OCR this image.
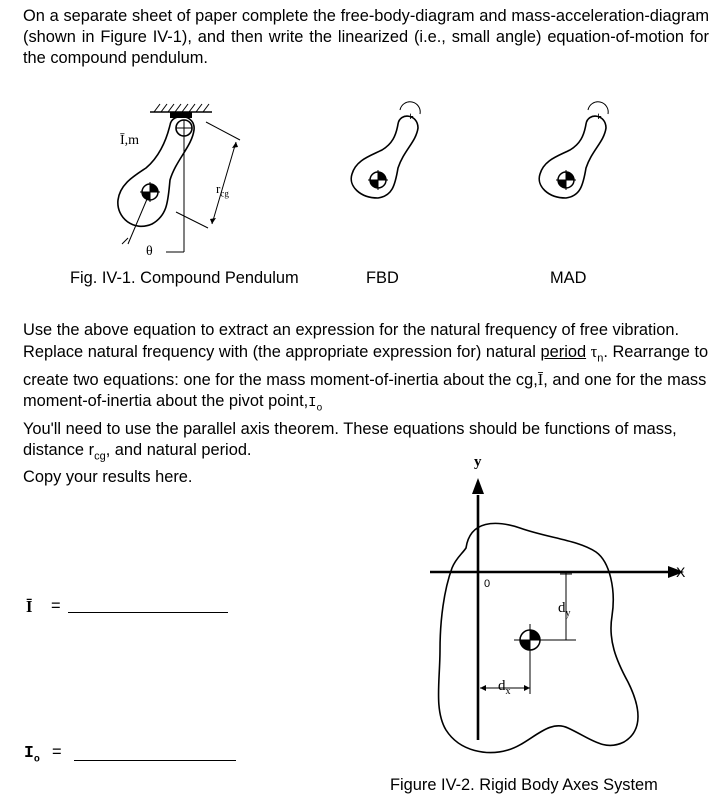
On a separate sheet of paper complete the free-body-diagram and mass-acceleration-diagram (shown in Figure IV-1), and then write the linearized (i.e., small angle) equation-of-motion for the compound pendulum.
+	+
Ī,m
$r_{cg}$
θ
Fig. IV-1. Compound Pendulum	FBD	MAD
Use the above equation to extract an expression for the natural frequency of free vibration. Replace natural frequency with (the appropriate expression for) natural period $\tau_n$. Rearrange to create two equations: one for the mass moment-of-inertia about the cg,Ī, and one for the mass moment-of-inertia about the pivot $point,I_o$
You'll need to use the parallel axis theorem. These equations should be functions of mass, distance $r_{cg}$, and natural period.
Copy your results here.
Ī =
$I_o$ =
y
X
0
$d_y$
$d_x$
Figure IV-2. Rigid Body Axes System
